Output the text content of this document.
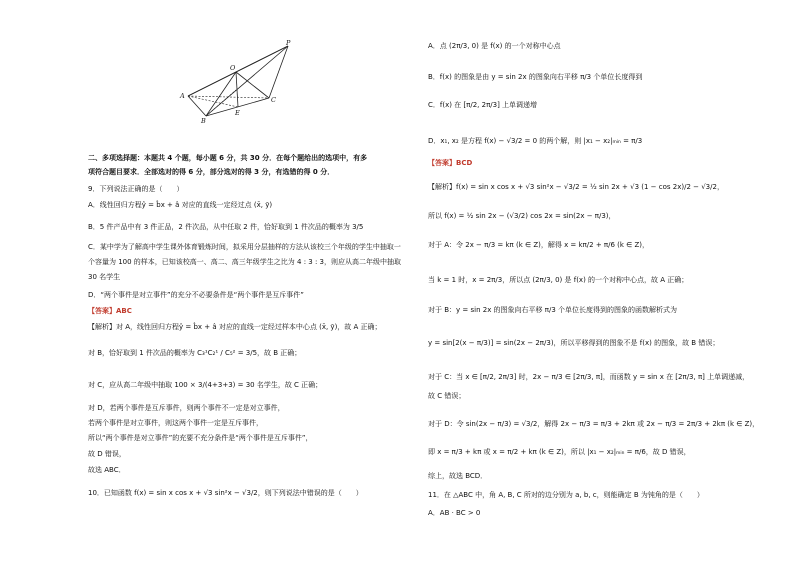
P
O
A
B
C
E
二、多项选择题：本题共 4 个题，每小题 6 分，共 30 分．在每个题给出的选项中，有多
项符合题目要求．全部选对的得 6 分，部分选对的得 3 分，有选错的得 0 分．
9．下列说法正确的是（　　）
A．线性回归方程ŷ = b̂x + â 对应的直线一定经过点 (x̄, ȳ)
B．5 件产品中有 3 件正品，2 件次品，从中任取 2 件，恰好取到 1 件次品的概率为 3/5
C．某中学为了解高中学生课外体育锻炼时间，拟采用分层抽样的方法从该校三个年级的学生中抽取一
个容量为 100 的样本，已知该校高一、高二、高三年级学生之比为 4 : 3 : 3，则应从高二年级中抽取
30 名学生
D．“两个事件是对立事件”的充分不必要条件是“两个事件是互斥事件”
【答案】ABC
【解析】对 A，线性回归方程ŷ = b̂x + â 对应的直线一定经过样本中心点 (x̄, ȳ)，故 A 正确；
对 B，恰好取到 1 件次品的概率为 C₃¹C₂¹ / C₅² = 3/5，故 B 正确；
对 C，应从高二年级中抽取 100 × 3/(4+3+3) = 30 名学生，故 C 正确；
对 D，若两个事件是互斥事件，则两个事件不一定是对立事件，
若两个事件是对立事件，则这两个事件一定是互斥事件，
所以“两个事件是对立事件”的充要不充分条件是“两个事件是互斥事件”，
故 D 错误，
故选 ABC．
10．已知函数 f(x) = sin x cos x + √3 sin²x − √3/2，则下列说法中错误的是（　　）
A．点 (2π/3, 0) 是 f(x) 的一个对称中心点
B．f(x) 的图象是由 y = sin 2x 的图象向右平移 π/3 个单位长度得到
C．f(x) 在 [π/2, 2π/3] 上单调递增
D．x₁, x₂ 是方程 f(x) − √3/2 = 0 的两个解，则 |x₁ − x₂|ₘᵢₙ = π/3
【答案】BCD
【解析】f(x) = sin x cos x + √3 sin²x − √3/2 = ½ sin 2x + √3 (1 − cos 2x)/2 − √3/2，
所以 f(x) = ½ sin 2x − (√3/2) cos 2x = sin(2x − π/3)，
对于 A：令 2x − π/3 = kπ (k ∈ Z)，解得 x = kπ/2 + π/6 (k ∈ Z)，
当 k = 1 时，x = 2π/3，所以点 (2π/3, 0) 是 f(x) 的一个对称中心点，故 A 正确；
对于 B：y = sin 2x 的图象向右平移 π/3 个单位长度得到的图象的函数解析式为
y = sin[2(x − π/3)] = sin(2x − 2π/3)，所以平移得到的图象不是 f(x) 的图象，故 B 错误；
对于 C：当 x ∈ [π/2, 2π/3] 时，2x − π/3 ∈ [2π/3, π]，而函数 y = sin x 在 [2π/3, π] 上单调递减，
故 C 错误；
对于 D：令 sin(2x − π/3) = √3/2，解得 2x − π/3 = π/3 + 2kπ 或 2x − π/3 = 2π/3 + 2kπ (k ∈ Z)，
即 x = π/3 + kπ 或 x = π/2 + kπ (k ∈ Z)，所以 |x₁ − x₂|ₘᵢₙ = π/6，故 D 错误，
综上，故选 BCD．
11．在 △ABC 中，角 A, B, C 所对的边分别为 a, b, c，则能确定 B 为钝角的是（　　）
A．AB · BC > 0
